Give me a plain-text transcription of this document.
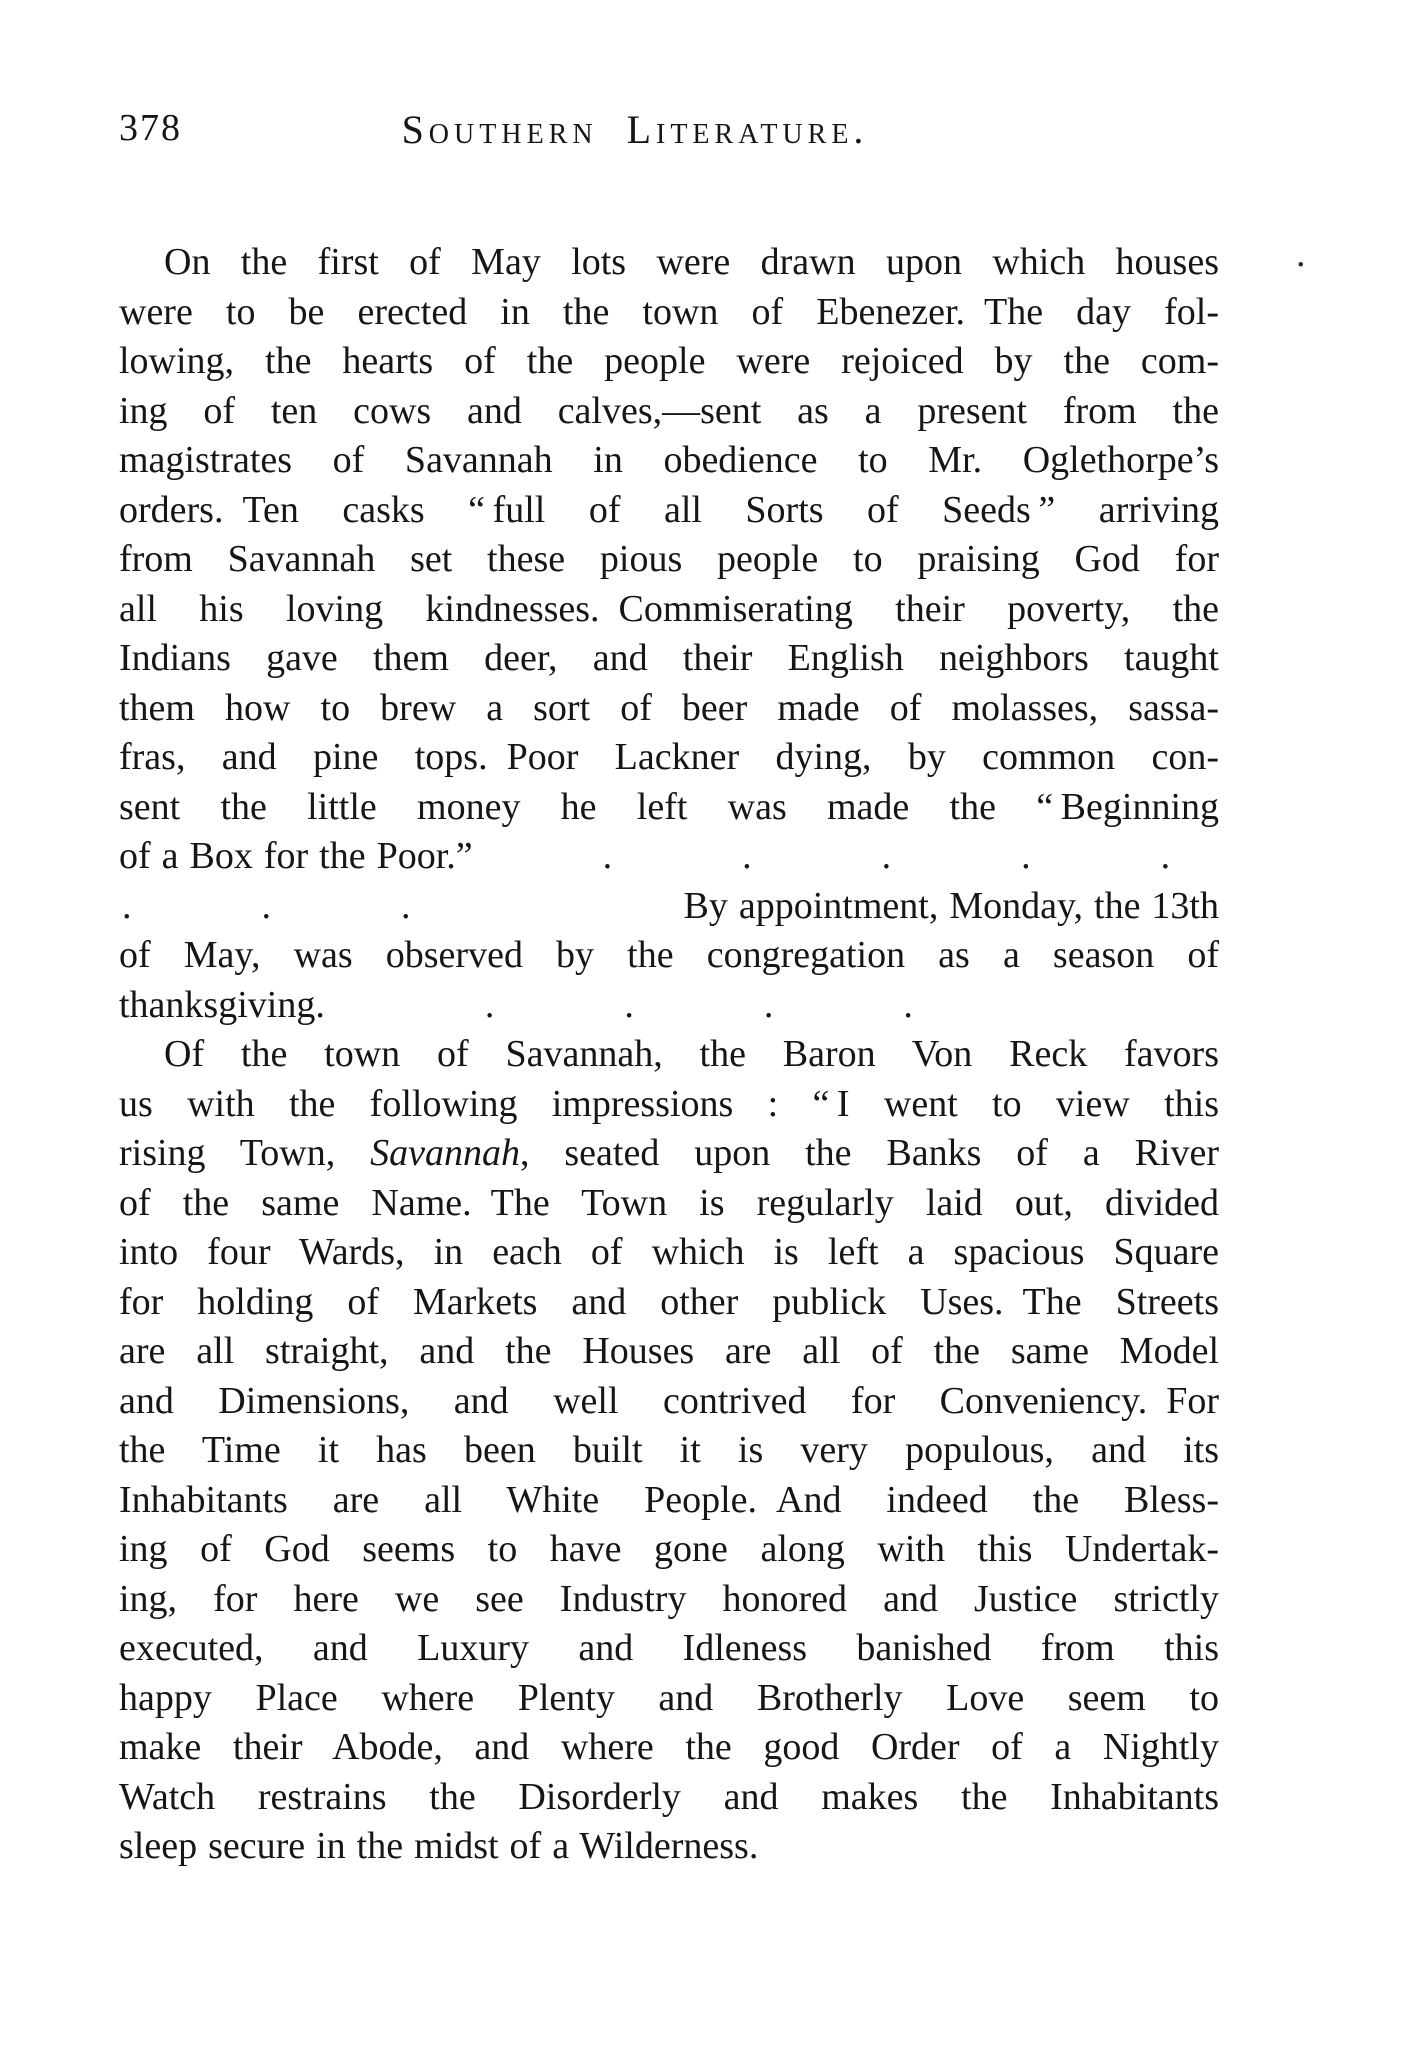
378	Southern Literature.
On the first of May lots were drawn upon which houses
were to be erected in the town of Ebenezer. The day fol-
lowing, the hearts of the people were rejoiced by the com-
ing of ten cows and calves,—sent as a present from the
magistrates of Savannah in obedience to Mr. Oglethorpe’s
orders. Ten casks “ full of all Sorts of Seeds ” arriving
from Savannah set these pious people to praising God for
all his loving kindnesses. Commiserating their poverty, the
Indians gave them deer, and their English neighbors taught
them how to brew a sort of beer made of molasses, sassa-
fras, and pine tops. Poor Lackner dying, by common con-
sent the little money he left was made the “ Beginning
of a Box for the Poor.”	.	.	.	.	.
.	.	.	By appointment, Monday, the 13th
of May, was observed by the congregation as a season of
thanksgiving.	.	.	.	.
Of the town of Savannah, the Baron Von Reck favors
us with the following impressions : “ I went to view this
rising Town, Savannah, seated upon the Banks of a River
of the same Name. The Town is regularly laid out, divided
into four Wards, in each of which is left a spacious Square
for holding of Markets and other publick Uses. The Streets
are all straight, and the Houses are all of the same Model
and Dimensions, and well contrived for Conveniency. For
the Time it has been built it is very populous, and its
Inhabitants are all White People. And indeed the Bless-
ing of God seems to have gone along with this Undertak-
ing, for here we see Industry honored and Justice strictly
executed, and Luxury and Idleness banished from this
happy Place where Plenty and Brotherly Love seem to
make their Abode, and where the good Order of a Nightly
Watch restrains the Disorderly and makes the Inhabitants
sleep secure in the midst of a Wilderness.
.
